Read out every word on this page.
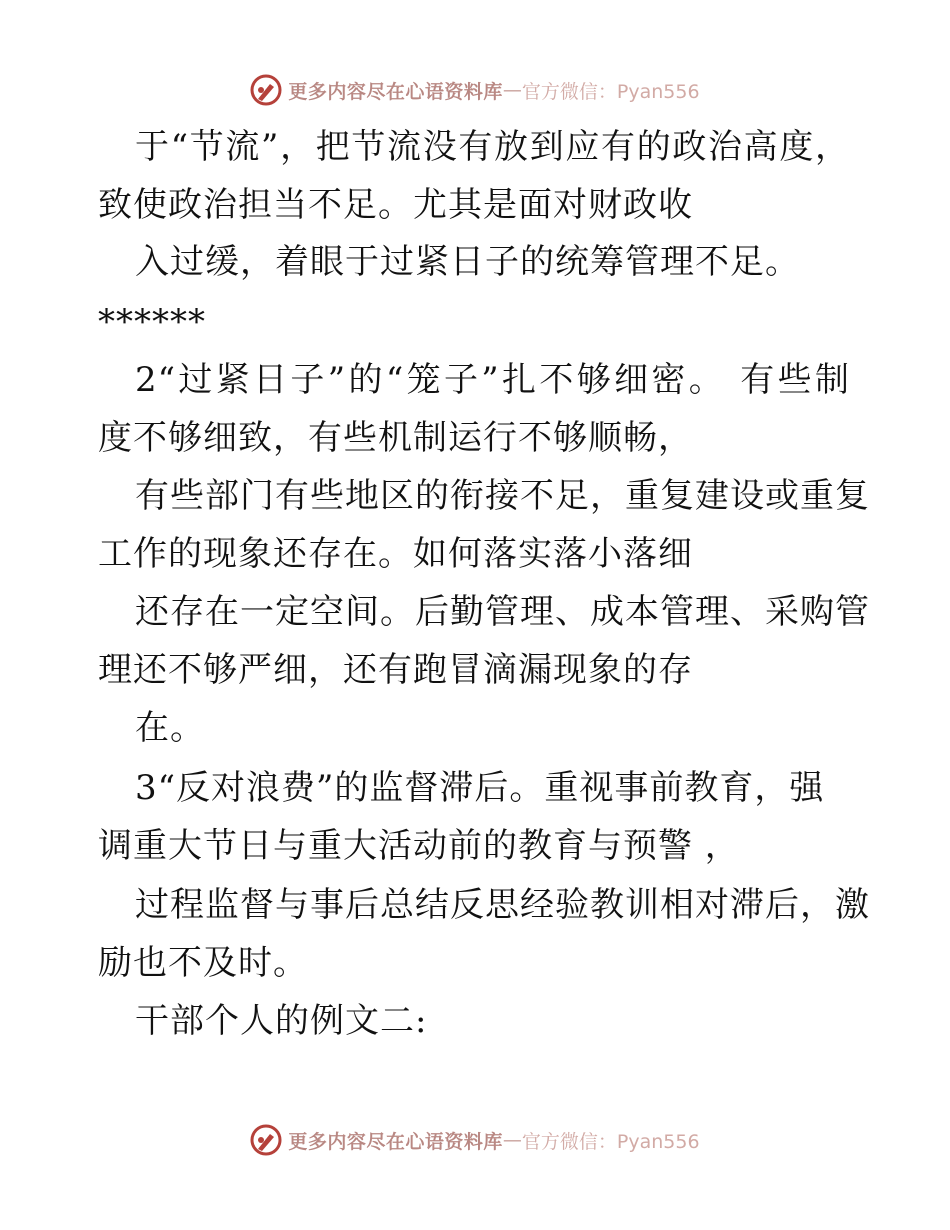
更多内容尽在心语资料库 — 官方微信：Pyan556
于“节流”，把节流没有放到应有的政治高度，
致使政治担当不足。尤其是面对财政收
入过缓，着眼于过紧日子的统筹管理不足。
******
2“过紧日子”的“笼子”扎不够细密。 有些制
度不够细致，有些机制运行不够顺畅，
有些部门有些地区的衔接不足，重复建设或重复
工作的现象还存在。如何落实落小落细
还存在一定空间。后勤管理、成本管理、采购管
理还不够严细，还有跑冒滴漏现象的存
在。
3“反对浪费”的监督滞后。重视事前教育，强
调重大节日与重大活动前的教育与预警 ，
过程监督与事后总结反思经验教训相对滞后，激
励也不及时。
干部个人的例文二:
更多内容尽在心语资料库 — 官方微信：Pyan556
